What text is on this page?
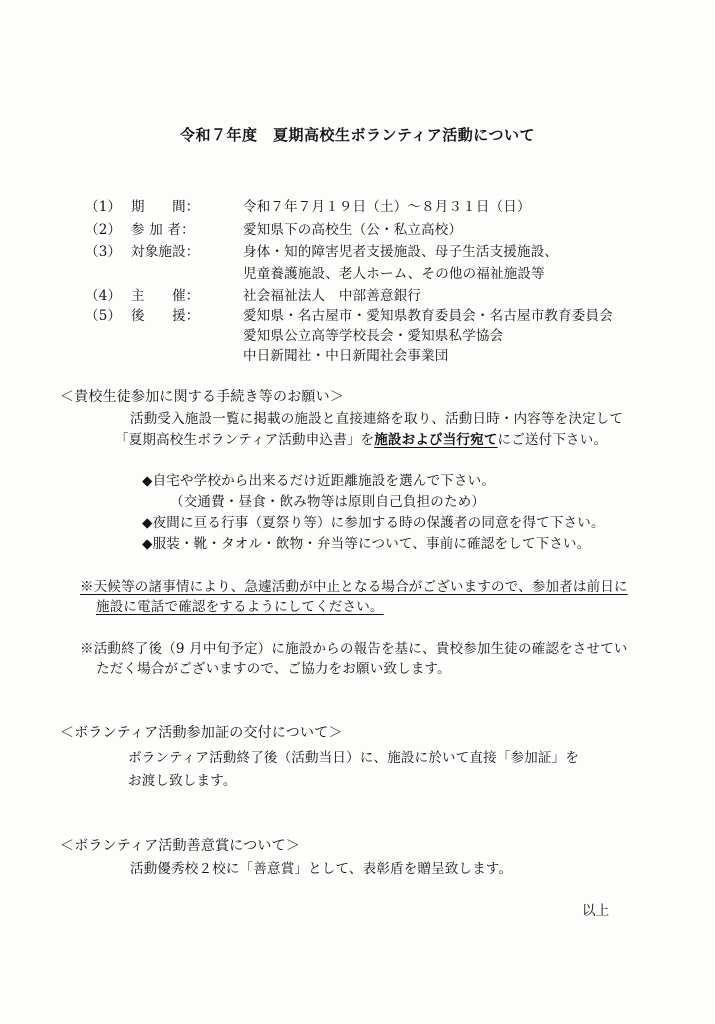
令和７年度　夏期高校生ボランティア活動について
（1） 期　　間：	令和７年７月１９日（土）～８月３１日（日）
（2） 参 加 者：	愛知県下の高校生（公・私立高校）
（3） 対象施設：	身体・知的障害児者支援施設、母子生活支援施設、
児童養護施設、老人ホーム、その他の福祉施設等
（4） 主　　催：	社会福祉法人　中部善意銀行
（5） 後　　援：	愛知県・名古屋市・愛知県教育委員会・名古屋市教育委員会
愛知県公立高等学校長会・愛知県私学協会
中日新聞社・中日新聞社会事業団
＜貴校生徒参加に関する手続き等のお願い＞
活動受入施設一覧に掲載の施設と直接連絡を取り、活動日時・内容等を決定して
「夏期高校生ボランティア活動申込書」を施設および当行宛てにご送付下さい。
◆自宅や学校から出来るだけ近距離施設を選んで下さい。
（交通費・昼食・飲み物等は原則自己負担のため）
◆夜間に亘る行事（夏祭り等）に参加する時の保護者の同意を得て下さい。
◆服装・靴・タオル・飲物・弁当等について、事前に確認をして下さい。
※天候等の諸事情により、急遽活動が中止となる場合がございますので、参加者は前日に
施設に電話で確認をするようにしてください。
※活動終了後（9 月中旬予定）に施設からの報告を基に、貴校参加生徒の確認をさせてい
ただく場合がございますので、ご協力をお願い致します。
＜ボランティア活動参加証の交付について＞
ボランティア活動終了後（活動当日）に、施設に於いて直接「参加証」を
お渡し致します。
＜ボランティア活動善意賞について＞
活動優秀校２校に「善意賞」として、表彰盾を贈呈致します。
以上
